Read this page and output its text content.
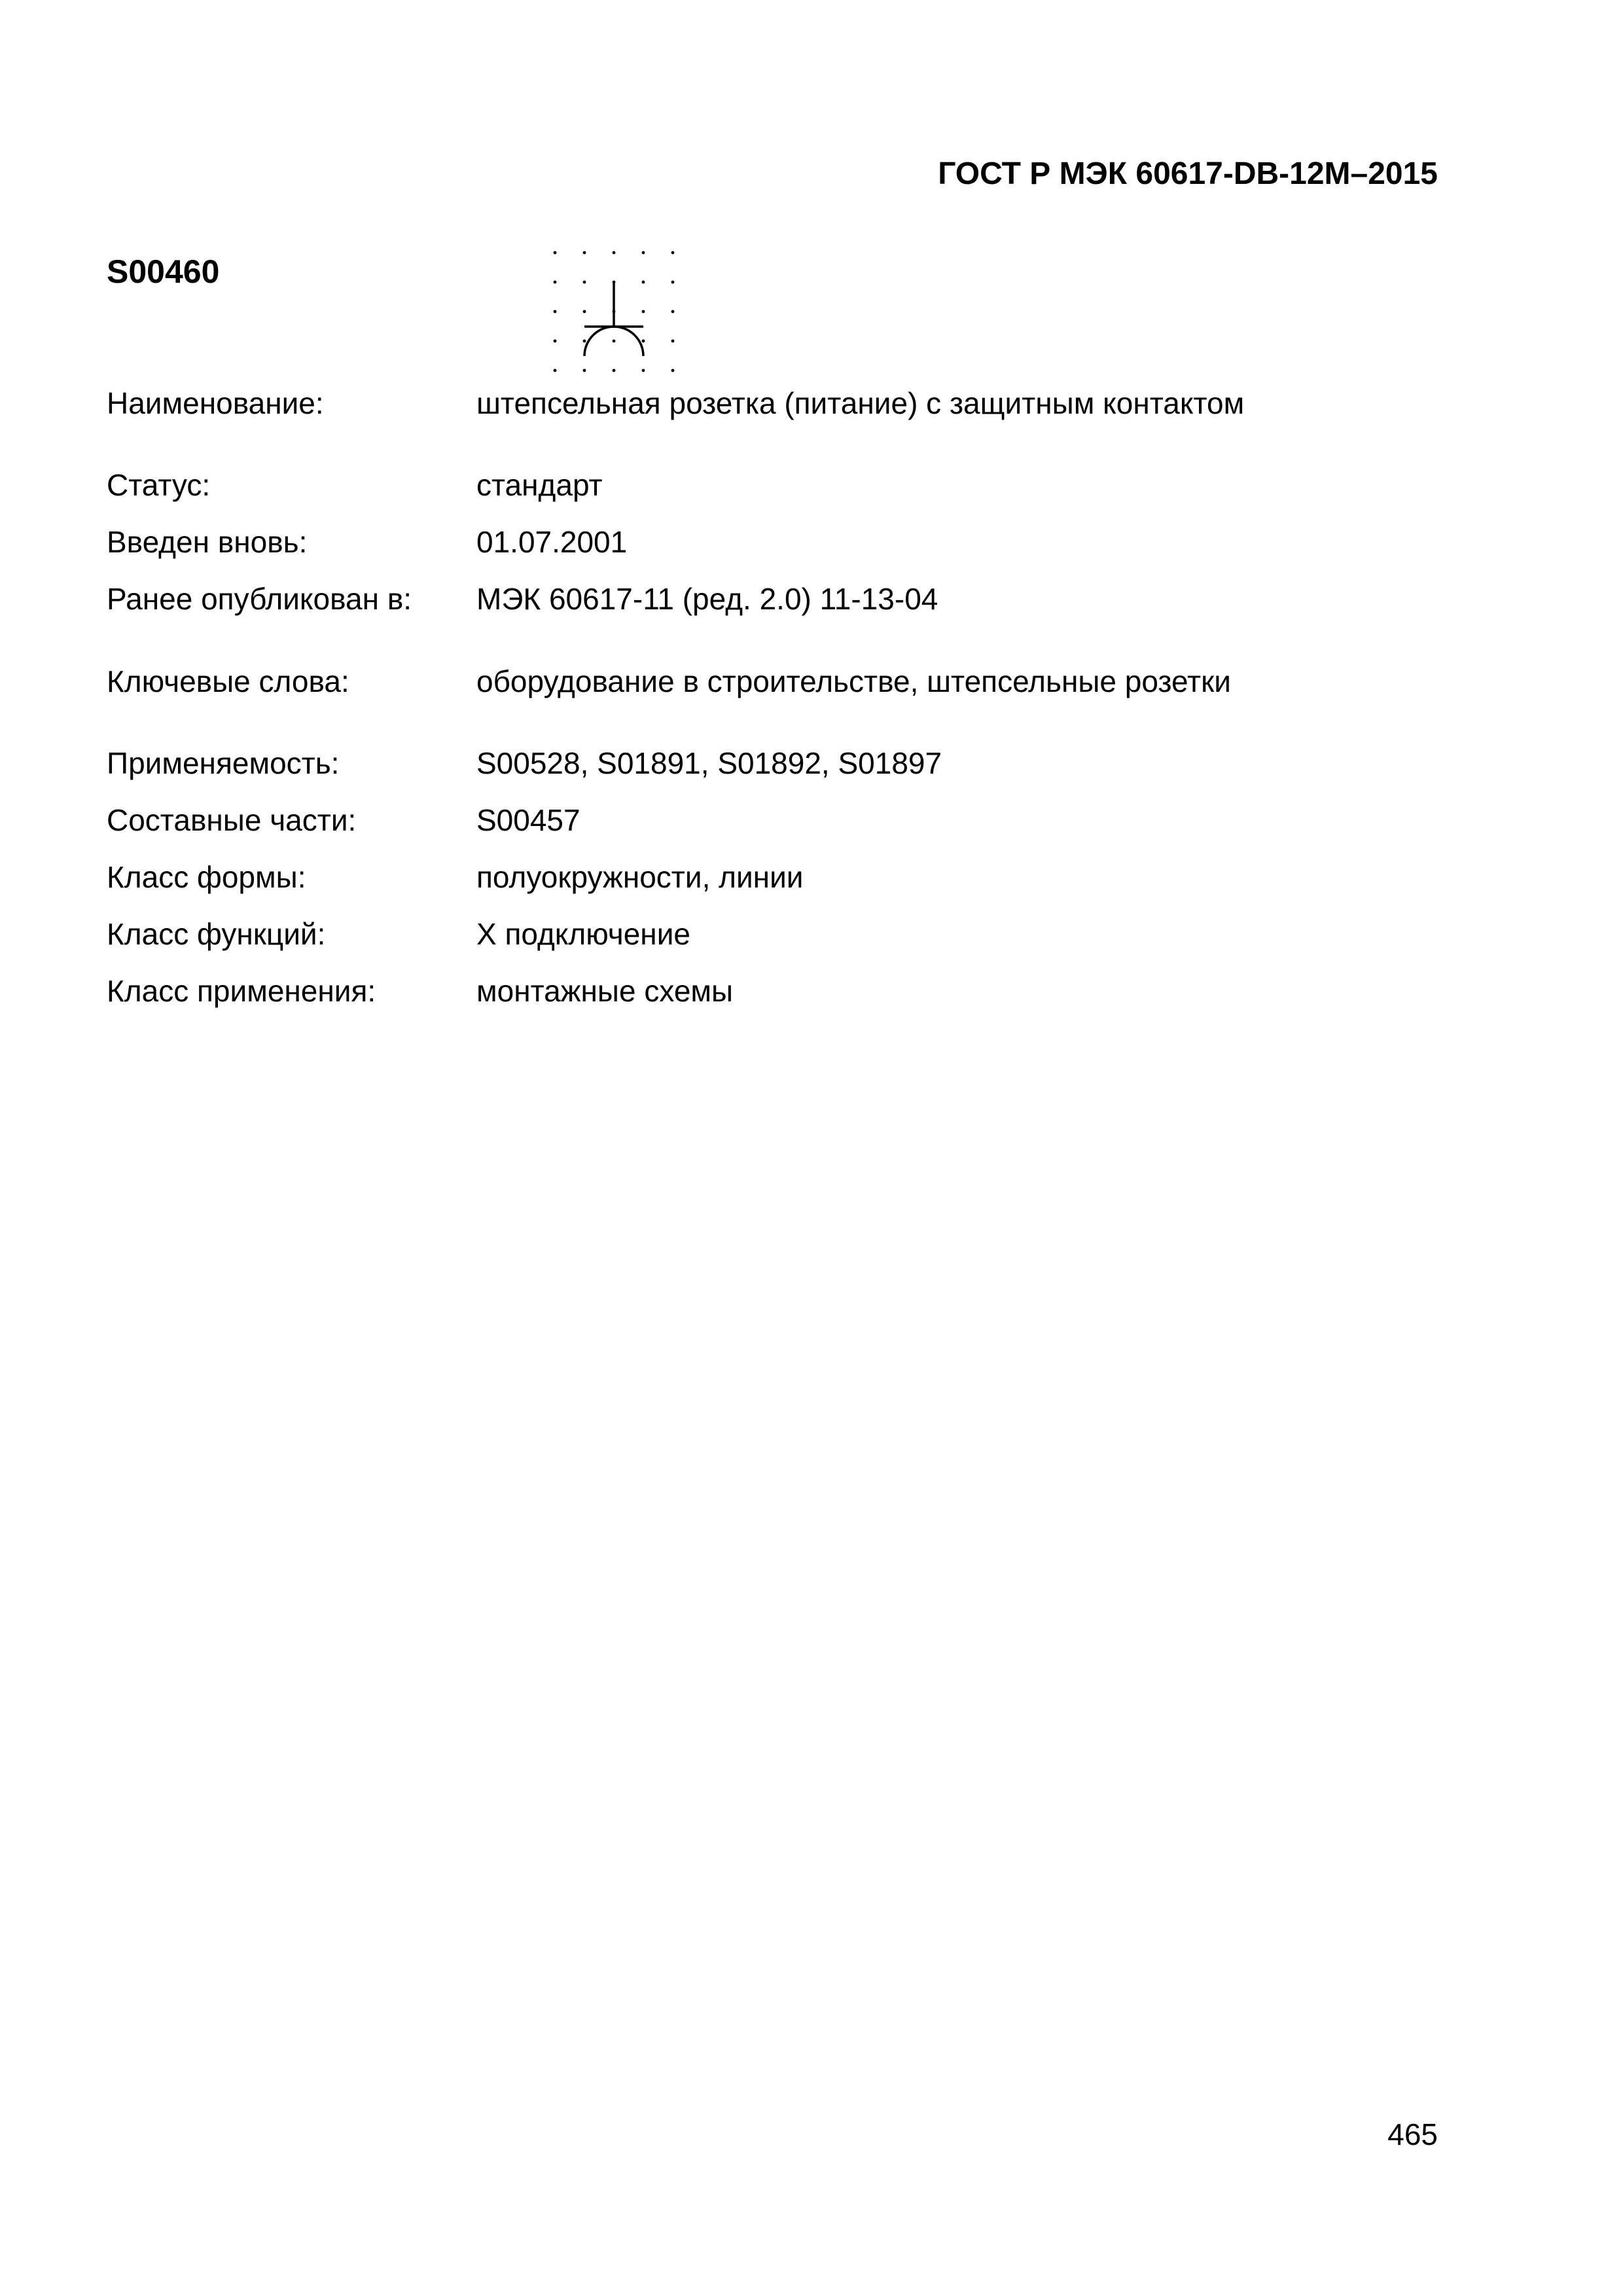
ГОСТ Р МЭК 60617-DB-12M–2015
S00460
Наименование:	штепсельная розетка (питание) с защитным контактом
Статус:	стандарт
Введен вновь:	01.07.2001
Ранее опубликован в: МЭК 60617-11 (ред. 2.0) 11-13-04
Ключевые слова:	оборудование в строительстве, штепсельные розетки
Применяемость:	S00528, S01891, S01892, S01897
Составные части:	S00457
Класс формы:	полуокружности, линии
Класс функций:	X подключение
Класс применения:	монтажные схемы
465
